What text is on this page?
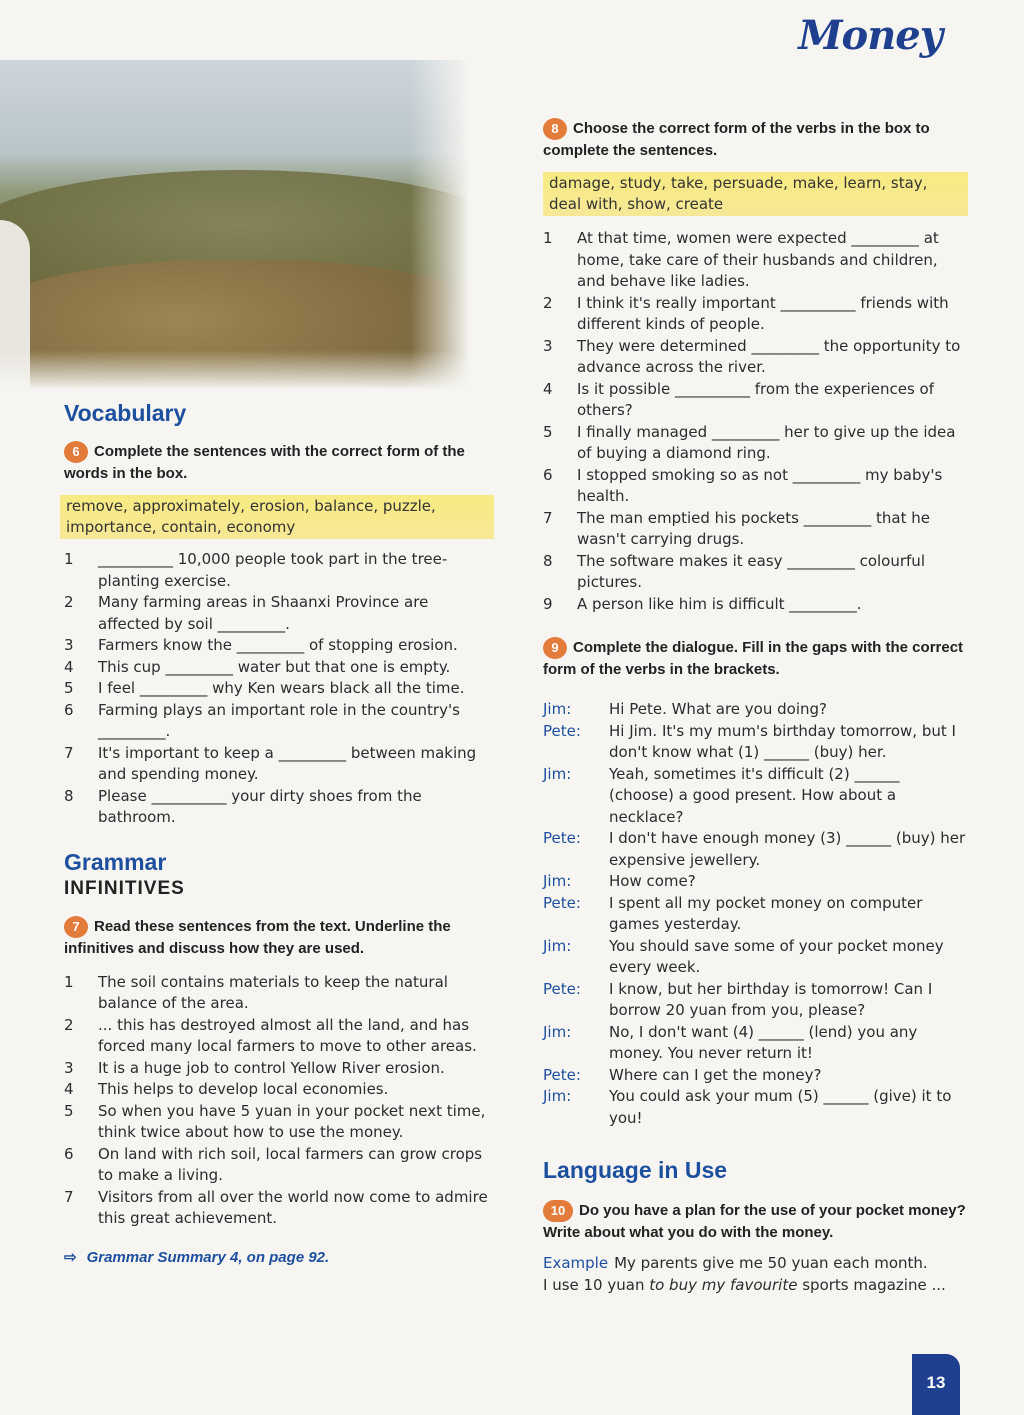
Money
Vocabulary
6 Complete the sentences with the correct form of the words in the box.
remove, approximately, erosion, balance, puzzle, importance, contain, economy
1	__________ 10,000 people took part in the tree-planting exercise.
2	Many farming areas in Shaanxi Province are affected by soil _________.
3	Farmers know the _________ of stopping erosion.
4	This cup _________ water but that one is empty.
5	I feel _________ why Ken wears black all the time.
6	Farming plays an important role in the country's _________.
7	It's important to keep a _________ between making and spending money.
8	Please __________ your dirty shoes from the bathroom.
Grammar
INFINITIVES
7 Read these sentences from the text. Underline the infinitives and discuss how they are used.
1	The soil contains materials to keep the natural balance of the area.
2	... this has destroyed almost all the land, and has forced many local farmers to move to other areas.
3	It is a huge job to control Yellow River erosion.
4	This helps to develop local economies.
5	So when you have 5 yuan in your pocket next time, think twice about how to use the money.
6	On land with rich soil, local farmers can grow crops to make a living.
7	Visitors from all over the world now come to admire this great achievement.
⇨ Grammar Summary 4, on page 92.
8 Choose the correct form of the verbs in the box to complete the sentences.
damage, study, take, persuade, make, learn, stay, deal with, show, create
1	At that time, women were expected _________ at home, take care of their husbands and children, and behave like ladies.
2	I think it's really important __________ friends with different kinds of people.
3	They were determined _________ the opportunity to advance across the river.
4	Is it possible __________ from the experiences of others?
5	I finally managed _________ her to give up the idea of buying a diamond ring.
6	I stopped smoking so as not _________ my baby's health.
7	The man emptied his pockets _________ that he wasn't carrying drugs.
8	The software makes it easy _________ colourful pictures.
9	A person like him is difficult _________.
9 Complete the dialogue. Fill in the gaps with the correct form of the verbs in the brackets.
Jim:	Hi Pete. What are you doing?
Pete:	Hi Jim. It's my mum's birthday tomorrow, but I don't know what (1) ______ (buy) her.
Jim:	Yeah, sometimes it's difficult (2) ______ (choose) a good present. How about a necklace?
Pete:	I don't have enough money (3) ______ (buy) her expensive jewellery.
Jim:	How come?
Pete:	I spent all my pocket money on computer games yesterday.
Jim:	You should save some of your pocket money every week.
Pete:	I know, but her birthday is tomorrow! Can I borrow 20 yuan from you, please?
Jim:	No, I don't want (4) ______ (lend) you any money. You never return it!
Pete:	Where can I get the money?
Jim:	You could ask your mum (5) ______ (give) it to you!
Language in Use
10 Do you have a plan for the use of your pocket money? Write about what you do with the money.
Example My parents give me 50 yuan each month.
I use 10 yuan to buy my favourite sports magazine ...
13
